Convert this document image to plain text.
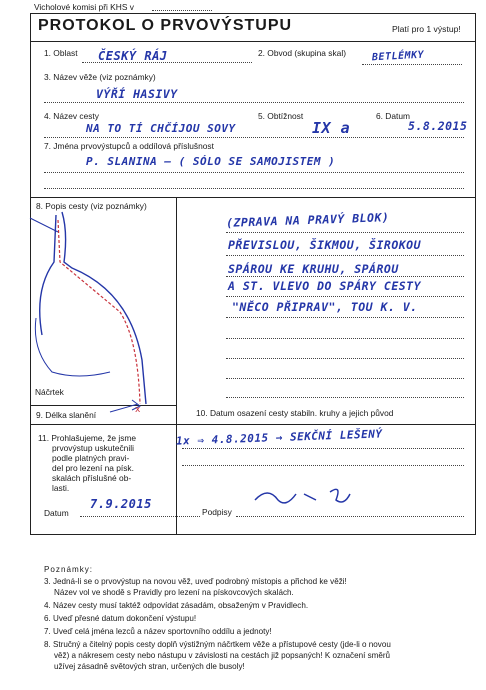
Vicholové komisi při KHS v
PROTOKOL O PRVOVÝSTUPU	Platí pro 1 výstup!
1. Oblast ČESKÝ RÁJ	2. Obvod (skupina skal)	BETLÉMKY
3. Název věže (viz poznámky)
VÝŘÍ HASIVY
4. Název cesty	5. Obtížnost	6. Datum
NA TO TÍ CHČÍJOU SOVY	IX a	5.8.2015
7. Jména prvovýstupců a oddílová příslušnost
P. SLANINA – ( SÓLO SE SAMOJISTEM )
8. Popis cesty (viz poznámky)
Náčrtek
(ZPRAVA NA PRAVÝ BLOK)
PŘEVISLOU, ŠIKMOU, ŠIROKOU
SPÁROU KE KRUHU, SPÁROU
A ST. VLEVO DO SPÁRY CESTY
"NĚCO PŘIPRAV", TOU K. V.
x
9. Délka slanění	10. Datum osazení cesty stabiln. kruhy a jejich původ
1x ⇒ 4.8.2015 → SEKČNÍ LEŠENÝ
11. Prohlašujeme, že jsme
prvovýstup uskutečnili
podle platných pravi-
del pro lezení na písk.
skalách příslušné ob-
lasti.
Datum
7.9.2015
Podpisy
Poznámky:
3. Jedná-li se o prvovýstup na novou věž, uveď podrobný místopis a přichod ke věži!
Název vol ve shodě s Pravidly pro lezení na pískovcových skalách.
4. Název cesty musí taktéž odpovídat zásadám, obsaženým v Pravidlech.
6. Uveď přesné datum dokončení výstupu!
7. Uveď celá jména lezců a název sportovního oddílu a jednoty!
8. Stručný a čitelný popis cesty doplň výstižným náčrtkem věže a přístupové cesty (jde-li o novou
věž) a nákresem cesty nebo nástupu v závislosti na cestách již popsaných! K označení směrů
užívej zásadně světových stran, určených dle busoly!
